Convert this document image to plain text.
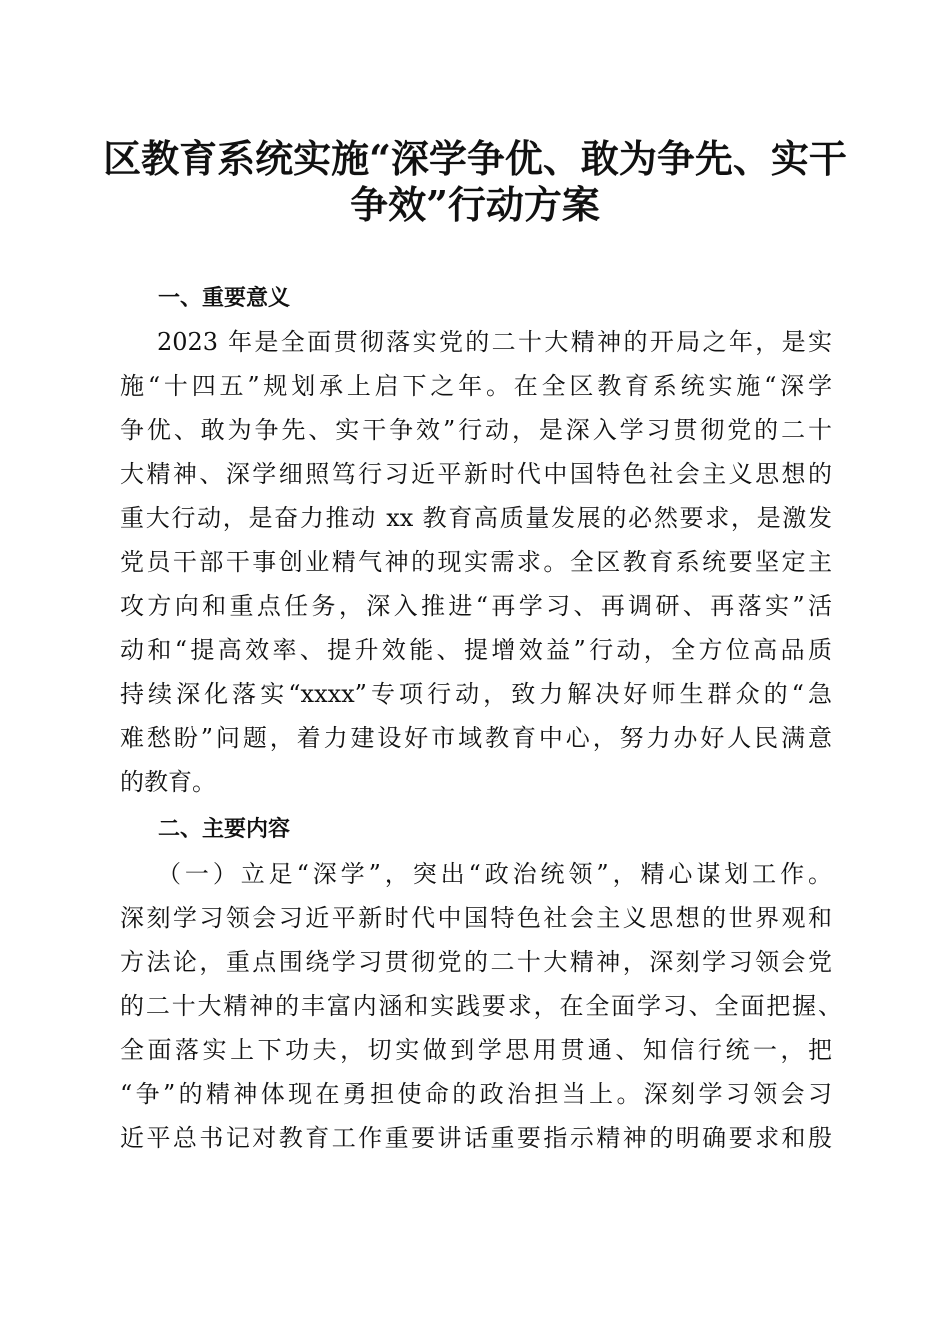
区教育系统实施“深学争优、敢为争先、实干
争效”行动方案
一、重要意义
2023 年是全面贯彻落实党的二十大精神的开局之年，是实
施“十四五”规划承上启下之年。在全区教育系统实施“深学
争优、敢为争先、实干争效”行动，是深入学习贯彻党的二十
大精神、深学细照笃行习近平新时代中国特色社会主义思想的
重大行动，是奋力推动 xx 教育高质量发展的必然要求，是激发
党员干部干事创业精气神的现实需求。全区教育系统要坚定主
攻方向和重点任务，深入推进“再学习、再调研、再落实”活
动和“提高效率、提升效能、提增效益”行动，全方位高品质
持续深化落实“xxxx”专项行动，致力解决好师生群众的“急
难愁盼”问题，着力建设好市域教育中心，努力办好人民满意
的教育。
二、主要内容
（一）立足“深学”，突出“政治统领”，精心谋划工作。
深刻学习领会习近平新时代中国特色社会主义思想的世界观和
方法论，重点围绕学习贯彻党的二十大精神，深刻学习领会党
的二十大精神的丰富内涵和实践要求，在全面学习、全面把握、
全面落实上下功夫，切实做到学思用贯通、知信行统一，把
“争”的精神体现在勇担使命的政治担当上。深刻学习领会习
近平总书记对教育工作重要讲话重要指示精神的明确要求和殷
